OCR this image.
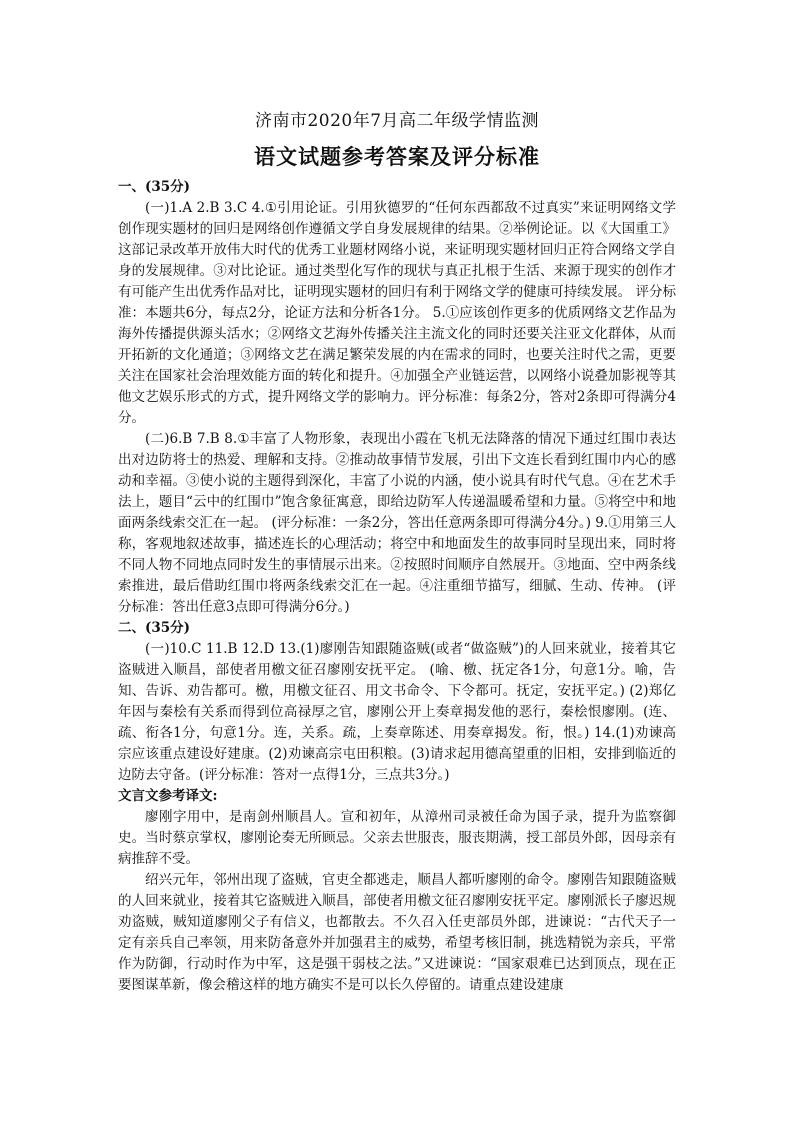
济南市2020年7月高二年级学情监测
语文试题参考答案及评分标准

一、(35分)

(一)1.A 2.B 3.C 4.①引用论证。引用狄德罗的“任何东西都敌不过真实”来证明网络文学创作现实题材的回归是网络创作遵循文学自身发展规律的结果。②举例论证。以《大国重工》这部记录改革开放伟大时代的优秀工业题材网络小说，来证明现实题材回归正符合网络文学自身的发展规律。③对比论证。通过类型化写作的现状与真正扎根于生活、来源于现实的创作才有可能产生出优秀作品对比，证明现实题材的回归有利于网络文学的健康可持续发展。 评分标准：本题共6分，每点2分，论证方法和分析各1分。 5.①应该创作更多的优质网络文艺作品为海外传播提供源头活水；②网络文艺海外传播关注主流文化的同时还要关注亚文化群体，从而开拓新的文化通道；③网络文艺在满足繁荣发展的内在需求的同时，也要关注时代之需，更要关注在国家社会治理效能方面的转化和提升。④加强全产业链运营，以网络小说叠加影视等其他文艺娱乐形式的方式，提升网络文学的影响力。评分标准：每条2分，答对2条即可得满分4分。

(二)6.B 7.B 8.①丰富了人物形象，表现出小霞在飞机无法降落的情况下通过红围巾表达出对边防将士的热爱、理解和支持。②推动故事情节发展，引出下文连长看到红围巾内心的感动和幸福。③使小说的主题得到深化，丰富了小说的内涵，使小说具有时代气息。④在艺术手法上，题目“云中的红围巾”饱含象征寓意，即给边防军人传递温暖希望和力量。⑤将空中和地面两条线索交汇在一起。 (评分标准：一条2分，答出任意两条即可得满分4分。) 9.①用第三人称，客观地叙述故事，描述连长的心理活动；将空中和地面发生的故事同时呈现出来，同时将不同人物不同地点同时发生的事情展示出来。②按照时间顺序自然展开。③地面、空中两条线索推进，最后借助红围巾将两条线索交汇在一起。④注重细节描写，细腻、生动、传神。 (评分标准：答出任意3点即可得满分6分。)

二、(35分)

(一)10.C 11.B 12.D 13.(1)廖刚告知跟随盗贼(或者“做盗贼”)的人回来就业，接着其它盗贼进入顺昌，部使者用檄文征召廖刚安抚平定。 (喻、檄、抚定各1分，句意1分。喻，告知、告诉、劝告都可。檄，用檄文征召、用文书命令、下令都可。抚定，安抚平定。) (2)郑亿年因与秦桧有关系而得到位高禄厚之官，廖刚公开上奏章揭发他的恶行，秦桧恨廖刚。(连、疏、衔各1分，句意1分。连，关系。疏，上奏章陈述、用奏章揭发。衔，恨。) 14.(1)劝谏高宗应该重点建设好建康。(2)劝谏高宗屯田积粮。(3)请求起用德高望重的旧相，安排到临近的边防去守备。(评分标准：答对一点得1分，三点共3分。)

文言文参考译文:

廖刚字用中，是南剑州顺昌人。宣和初年，从漳州司录被任命为国子录，提升为监察御史。当时蔡京掌权，廖刚论奏无所顾忌。父亲去世服丧，服丧期满，授工部员外郎，因母亲有病推辞不受。

绍兴元年，邻州出现了盗贼，官吏全都逃走，顺昌人都听廖刚的命令。廖刚告知跟随盗贼的人回来就业，接着其它盗贼进入顺昌，部使者用檄文征召廖刚安抚平定。廖刚派长子廖迟规劝盗贼，贼知道廖刚父子有信义，也都散去。不久召入任吏部员外郎，进谏说：“古代天子一定有亲兵自己率领，用来防备意外并加强君主的威势，希望考核旧制，挑选精锐为亲兵，平常作为防御，行动时作为中军，这是强干弱枝之法。”又进谏说：“国家艰难已达到顶点，现在正要图谋革新，像会稽这样的地方确实不是可以长久停留的。请重点建设建康
